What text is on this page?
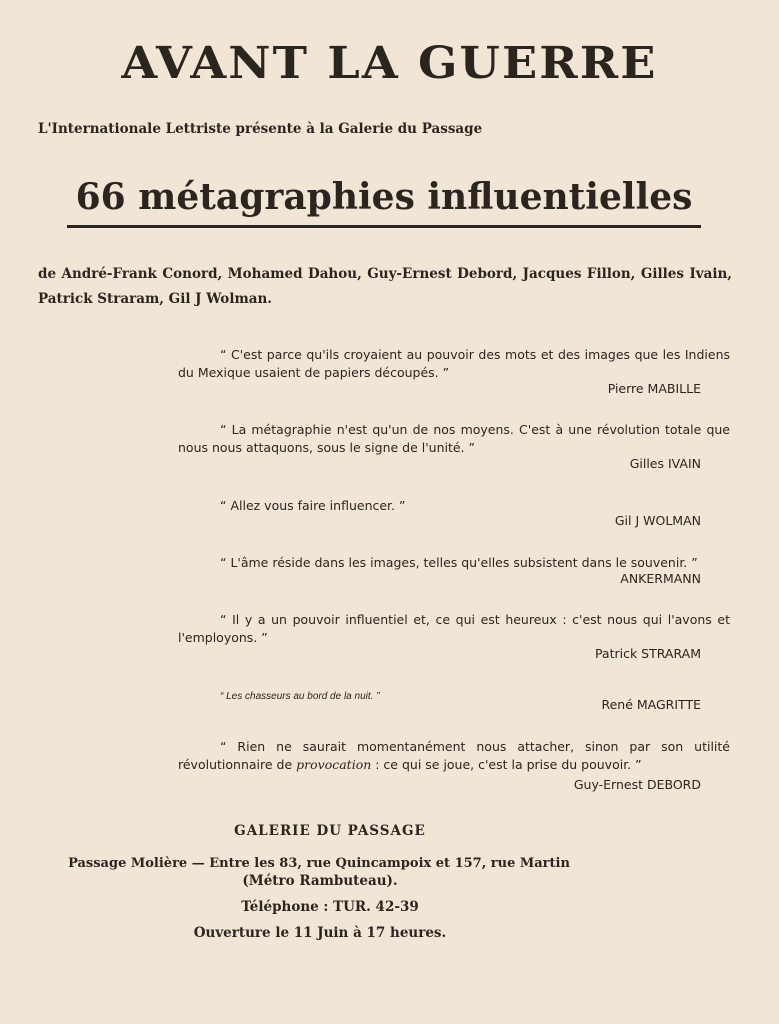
AVANT LA GUERRE
L'Internationale Lettriste présente à la Galerie du Passage
66 métagraphies influentielles
de André-Frank Conord, Mohamed Dahou, Guy-Ernest Debord, Jacques Fillon, Gilles Ivain, Patrick Straram, Gil J Wolman.
“ C'est parce qu'ils croyaient au pouvoir des mots et des images que les Indiens du Mexique usaient de papiers découpés. ”
Pierre MABILLE
“ La métagraphie n'est qu'un de nos moyens. C'est à une révolution totale que nous nous attaquons, sous le signe de l'unité. ”
Gilles IVAIN
“ Allez vous faire influencer. ”
Gil J WOLMAN
“ L'âme réside dans les images, telles qu'elles subsistent dans le souvenir. ”
ANKERMANN
“ Il y a un pouvoir influentiel et, ce qui est heureux : c'est nous qui l'avons et l'employons. ”
Patrick STRARAM
“ Les chasseurs au bord de la nuit. ”
René MAGRITTE
“ Rien ne saurait momentanément nous attacher, sinon par son utilité révolutionnaire de provocation : ce qui se joue, c'est la prise du pouvoir. ”
Guy-Ernest DEBORD
GALERIE DU PASSAGE
Passage Molière — Entre les 83, rue Quincampoix et 157, rue Martin
(Métro Rambuteau).
Téléphone : TUR. 42-39
Ouverture le 11 Juin à 17 heures.
